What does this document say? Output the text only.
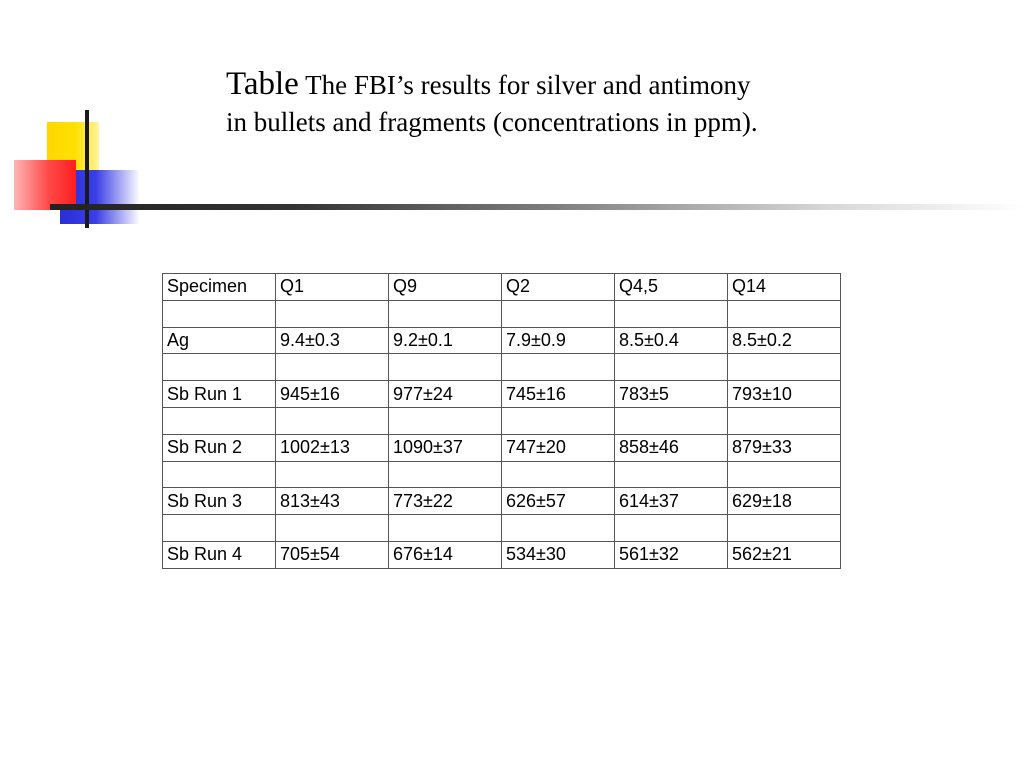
Table The FBI’s results for silver and antimony
in bullets and fragments (concentrations in ppm).
Specimen	Q1	Q9	Q2	Q4,5	Q14

Ag	9.4±0.3	9.2±0.1	7.9±0.9	8.5±0.4	8.5±0.2

Sb Run 1	945±16	977±24	745±16	783±5	793±10

Sb Run 2	1002±13	1090±37	747±20	858±46	879±33

Sb Run 3	813±43	773±22	626±57	614±37	629±18

Sb Run 4	705±54	676±14	534±30	561±32	562±21
